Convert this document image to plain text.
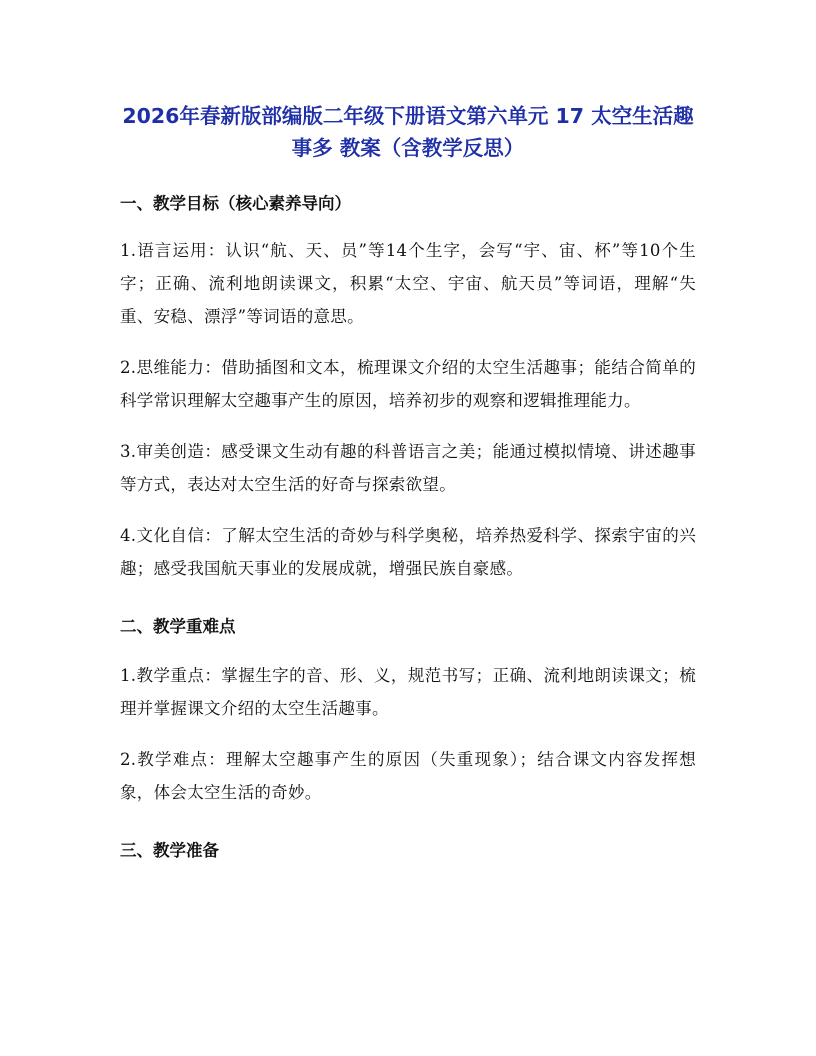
2026年春新版部编版二年级下册语文第六单元 17 太空生活趣事多 教案（含教学反思）
一、教学目标（核心素养导向）

1.语言运用：认识“航、天、员”等14个生字，会写“宇、宙、杯”等10个生字；正确、流利地朗读课文，积累“太空、宇宙、航天员”等词语，理解“失重、安稳、漂浮”等词语的意思。

2.思维能力：借助插图和文本，梳理课文介绍的太空生活趣事；能结合简单的科学常识理解太空趣事产生的原因，培养初步的观察和逻辑推理能力。

3.审美创造：感受课文生动有趣的科普语言之美；能通过模拟情境、讲述趣事等方式，表达对太空生活的好奇与探索欲望。

4.文化自信：了解太空生活的奇妙与科学奥秘，培养热爱科学、探索宇宙的兴趣；感受我国航天事业的发展成就，增强民族自豪感。

二、教学重难点

1.教学重点：掌握生字的音、形、义，规范书写；正确、流利地朗读课文；梳理并掌握课文介绍的太空生活趣事。

2.教学难点：理解太空趣事产生的原因（失重现象）；结合课文内容发挥想象，体会太空生活的奇妙。

三、教学准备
